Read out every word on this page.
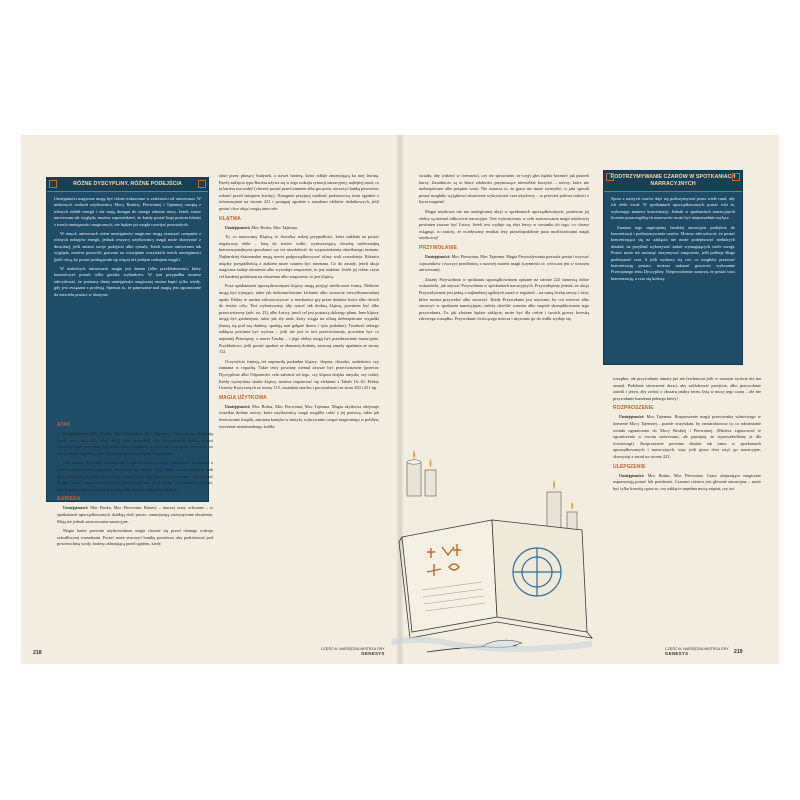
RÓŻNE DYSCYPLINY, RÓŻNE PODEJŚCIA

Umiejętności magiczne mogą być różnie traktowane w zależności od uniwersum. W niektórych realiach użytkownicy Mocy Boskiej, Pierwotnej i Tajemnej czerpią z różnych źródeł energii i nie mają dostępu do innego rdzenia mocy. Jeżeli wasze uniwersum tak wygląda, możesz zapowiedzieć, że każdy postać kupi poziom którejś z trzech umiejętności magicznych, nie będzie już mogła rozwijać pozostałych.

W innych uniwersach różne umiejętności magiczne mogą oznaczać czerpanie z różnych rodzajów energii, jednak wszyscy użytkownicy magii może skorzystać z dowolnej, jeśli zmieni swoje podejście albo rytuały. Jeżeli wasze uniwersum tak wygląda, możesz pozwolić graczom na rozwijanie wszystkich trzech umiejętności (jeśli chcą, by postać posługiwała się więcej niż jednym rodzajem magii).

W niektórych uniwersach magia jest darem (albo przekleństwem), który kontrolować potrafi tylko garstka wybrańców. W tym przypadku możesz zdecydować, że poziomy danej umiejętności magicznej można kupić tylko wtedy, gdy jest związana z profesją. Sprawia to, że panowanie nad magią jest ograniczone do niewielu postaci w drużynie.

ATAK

Umiejętności: Moc Boska, Moc Pierwotna, Moc Tajemna. Czary Ataku obejmują każdy test walki albo innej akcji, która pośrednio albo bezpośrednio zadaje celowi obrażenia bądź powoduje jego zmęczenie. Przykłady to rzucenie kulą ognia, uderzenie we wroga magiczną mocą albo objęcie go niewidzialnymi sierpowymi.

Gdy chcesz, by postać zaatakowała kogoś za pomocą magii, rozumiemy skorzystać z zasad wykonywania magicznej akcji (zob. ze stronie 221). Jeżeli trzeba wykonać atak poza walką (na przykład wstrzyknąć ocenie nocy, aby spowodować lawinę i zablokować drogę), gracze mogą nadal używać zasad magicznej akcji Ataku, a ty możesz określić, jakich minimalnych obrażeń potrzeba, aby uzyskać pożądany rezultat.

BARIERA

Umiejętności: Moc Boska, Moc Pierwotna. Bariery – inaczej czary ochronne – w spotkaniach uporządkowanych działają dość prosto: zmniejszają otrzymywane obrażenia. Mają też jednak zastosowania narracyjne.

Magia barier pozwala użytkownikom magii chronić się przed różnego rodzaju szkodliwymi warunkami. Postać może stworzyć banikę powietrza, aby podróżować pod powierzchnią wody, barierę osłaniającą przed ogniem, kiedy

idzie przez płonący budynek, a nawet barierę, która odbije zmierzającą ku niej lawinę. Kiedy zaklęcia typu Bariera używa się w tego rodzaju sytuacji narracyjnej, najlepiej ustal, co ta bariera ma zrobić (chronić postać przed zimnem albo gorącem, stworzyć bańkę powietrza, osłonić przed śniegiem lawiny). Następnie przyjmij trudność podstawową testu zgodnie z informacjami na stronie 221 i postępuj zgodnie z zasadami efektów dodatkowych, jeśli postać chce objąć magią inne cele.

KLĄTWA

Umiejętności: Moc Boska, Moc Tajemna.

To, co nazywamy Klątwą, to dowolny rodzaj przypadłości, która nakłada na postać negatywny efekt – karę do testów walki, wyniszczającą chorobę nielecznalną konwencjonalnymi sposobami czy też niezdolność do wypowiedzenia określonego imienia. Najbardziej ekstremalne mogą nawet podporządkowywać ofiary woli czarodzieja. Różnica między przypadłością a atakiem może czasem być nieznana. Co do zasady, jeżeli akcja magiczna zadaje obrażenia albo wywołuje zmęczenie, to jest atakiem. Jeżeli jej celem czyni cel bardziej podatnym na obrażenia albo zmęczenie, to jest klątwą.

Poza spotkaniami uporządkowanymi klątwy mogą przyjąć nieśliczone formy. Niektóre mogą być irytujące, takie jak niekontrolowane kichanie albo szczarcie niewytłumaczalnej apatii. Efekty te można odwzorowywać w mechanice gry przez dodanie kości albo dwóch do testów celu. Test wykonywany, aby rzucić tak drobną klątwę, powinien być albo przeciwstawny (zob. str. 25), albo Łatwy, jeżeli cel jest postacią dalszego planu. Inne klątwy mogą być groźniejsze, takie jak zły urok, który sciąga na ofiarę niebezpieczne wypadki (łamią się pod nią drabiny, spadają nań gałęzie drzew i tym podobne). Trudność takiego zaklęcia powinna być wyższa – jeśli nie jest to test przeciwstawny, powinien być co najmniej Przeciętny, a nawet Trudny – i jego efekty mogą być przedstawione narracyjnie. Przykładowo, jeśli postać spadnie ze złamanej drabiny, zastosuj zasady upadania ze strony 112.

Oczywiście istnieją też naprawdę paskudne klątwy: ślepota, choroba, szaleństwo czy zamiana w ropuchę. Takie testy powinny niemal zawsze być przeciwstawne (przeciw Dyscyplinie albo Odporności celu zależnie od tego, czy klątwa dotyka umysłu, czy ciała). Kiedy wymyślasz skutki klątwy, możesz inspirować się efektami z Tabeli I.6–10: Efekty Urazów Krytycznych ze strony 115, zasadami strachu i poczytalności ze stron 250 i 251 itp.

MAGIA UŻYTKOWA

Umiejętności: Moc Boska, Moc Pierwotna, Moc Tajemna. Magia użytkowa obejmuje wszelkie drobne rzeczy, które użytkownicy magii mogliby robić z jej pomocą, takie jak lewitowanie książki, zamiana kamyka w motyla, wykrywanie czegoś magicznego w pobliżu, tworzenie nienaturalnego źródła

218
CZĘŚĆ III: NARZĘDZIA MISTRZA GRY
GENESYS

światła, aby widzieć w ciemności, czy też sprawianie, że czyjś głos będzie brzmieć jak pustrek burzy. Zasadniczo są to łatwe zdolności przynoszące niewielkie korzyści – rzeczy, które nie niebezpieczne albo potężne czary. Nie oznacza to, że gracz nie może wymyślić, w jaki sposób postać mogłaby wyjątkowo skutecznie wykorzystać czar użytkowy – to przecież połowa radości z bycia magiem!

Magia użytkowa nie ma analogicznej akcji w spotkaniach uporządkowanych, ponieważ jej efekty są niemal całkowicie narracyjne. Test wykonywany w celu zastosowania magii użytkowej powinien zawsze być Łatwy. Jeżeli test wydaje się zbyt łatwy w stosunku do tego, co chcesz osiągnąć, to znaczy, że oczekiwany rezultat leży prawdopodobnie poza możliwościami magii użytkowej!

PRZYWOŁANIE

Umiejętności: Moc Pierwotna, Moc Tajemna. Magia Przywoływania pozwala postaci wzywać sojuszników i tworzyć przedmioty z surowej materii magii (czynności te, wówczas jest w waszym uniwersum).

Zasady Przywołania w spotkaniu uporządkowanym opisane na stronie 222 stanowią dobre wskazówki, jak używać Przywołania w spotkaniach narracyjnych. Przywołujemy jednak, że akcja Przywoływanie jest jedną z najbardziej ogólnych zasad w regułach – na samą liczbę rzeczy i istot, które można przywołać albo stworzyć. Kiedy Przywołanie jest używane, by coś wezwać albo stworzyć w spotkaniu narracyjnym, należy określić rozmiar albo stopień skomplikowania tego przywołania. To, jak złożone będzie zaklęcie, może być dla ciebie i twoich graczy kwestią zdrowego rozsądku. Przywołanie świecącego miecza i używanie go do walki wydaje się

PODTRZYMYWANIE CZARÓW W SPOTKANIACH NARRACYJNYCH

Sporo z naszych czarów daje się podtrzymywać przez wiele rund, aby ich efekt trwał. W spotkaniach uporządkowanych postać robi to, wykonując manewr koncentracji. Jednak w spotkaniach narracyjnych liczenie poszczególnych manewrów może być niepotrzebnie mylące.

Zamiast tego sugerujemy bardziej narracyjne podejście do koncentracji i podtrzymywania czarów. Możesz zdecydować, że postać koncentrująca się na zaklęciu nie może podejmować niektórych działań, na przykład wykonywać zadań wymagających wiele uwagi. Postać może też nacisnąć otrzymywać zmęczenie, jeśli próbuje długo podtrzymać czar. A jeśli wydarzy się coś, co mogłoby przerwać koncentrację postaci, możesz nakazać graczowi wykonanie Przeciętnego testu Dyscypliny. Niepowodzenie oznacza, że postać traci koncentrację, a czar się kończy.

rozsądne, ale przywołanie armaty już nie (zwłaszcza jeśli w waszym świecie nie ma armat). Podobnie stworzenie drzwi, aby zablokować przejście, albo przywołanie zarośli i jeżyn, aby zrobić z obszaru trudny teren, leżą w mocy tego czaru – ale nie przywołanie kamienia pełnego łatwy!

ROZPROSZENIE

Umiejętności: Moc Tajemna. Rozproszenie magii przeciwnika właściwego w domenie Mocy Tajemnej – przede wszystkim, by zneutralizować to, co udrażnianie zostało ograniczone do Mocy Boskiej i Pierwotnej. (Możesz zignorować te ograniczenia w swoim uniwersum, ale pamiętaj, że wprowadziliśmy je dla równowagi). Rozproszenie powinno działać tak samo w spotkaniach uporządkowanych i narracyjnych, więc jeśli gracz chce użyć go narracyjnie, skorzystaj z zasad na stronie 223.

ULEPSZENIE

Umiejętności: Moc Boska, Moc Pierwotna. Czary ulepszające magicznie usprawniają postać lub przedmiot. Czasami różnica jest głównie narracyjna – może być tylko kwestią opisu to, czy zaklęcie napełnia mocą mięśni, czy też

CZĘŚĆ III: NARZĘDZIA MISTRZA GRY
GENESYS	219
